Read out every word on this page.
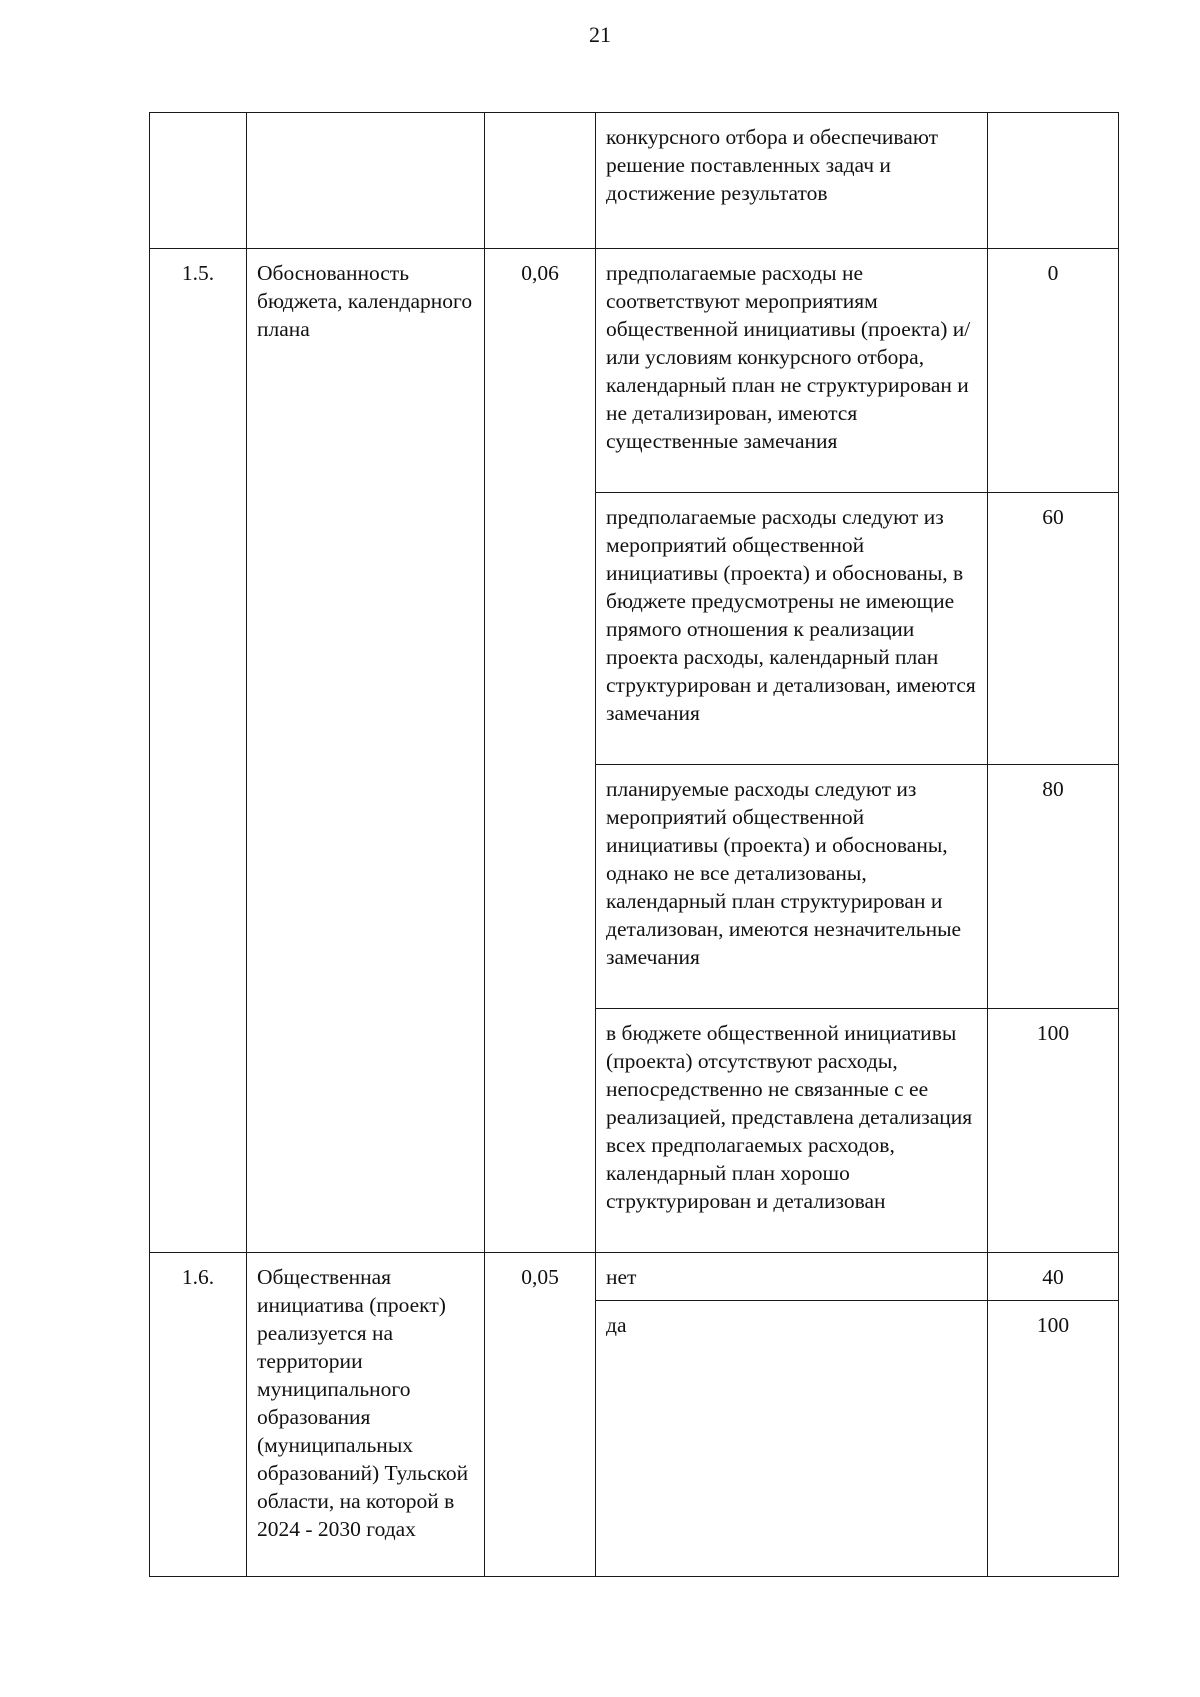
21
			конкурсного отбора и обеспечивают решение поставленных задач и достижение результатов	
1.5.	Обоснованность бюджета, календарного плана	0,06	предполагаемые расходы не соответствуют мероприятиям общественной инициативы (проекта) и/или условиям конкурсного отбора, календарный план не структурирован и не детализирован, имеются существенные замечания	0
			предполагаемые расходы следуют из мероприятий общественной инициативы (проекта) и обоснованы, в бюджете предусмотрены не имеющие прямого отношения к реализации проекта расходы, календарный план структурирован и детализован, имеются замечания	60
			планируемые расходы следуют из мероприятий общественной инициативы (проекта) и обоснованы, однако не все детализованы, календарный план структурирован и детализован, имеются незначительные замечания	80
			в бюджете общественной инициативы (проекта) отсутствуют расходы, непосредственно не связанные с ее реализацией, представлена детализация всех предполагаемых расходов, календарный план хорошо структурирован и детализован	100
1.6.	Общественная инициатива (проект) реализуется на территории муниципального образования (муниципальных образований) Тульской области, на которой в 2024 - 2030 годах	0,05	нет	40
			да	100
